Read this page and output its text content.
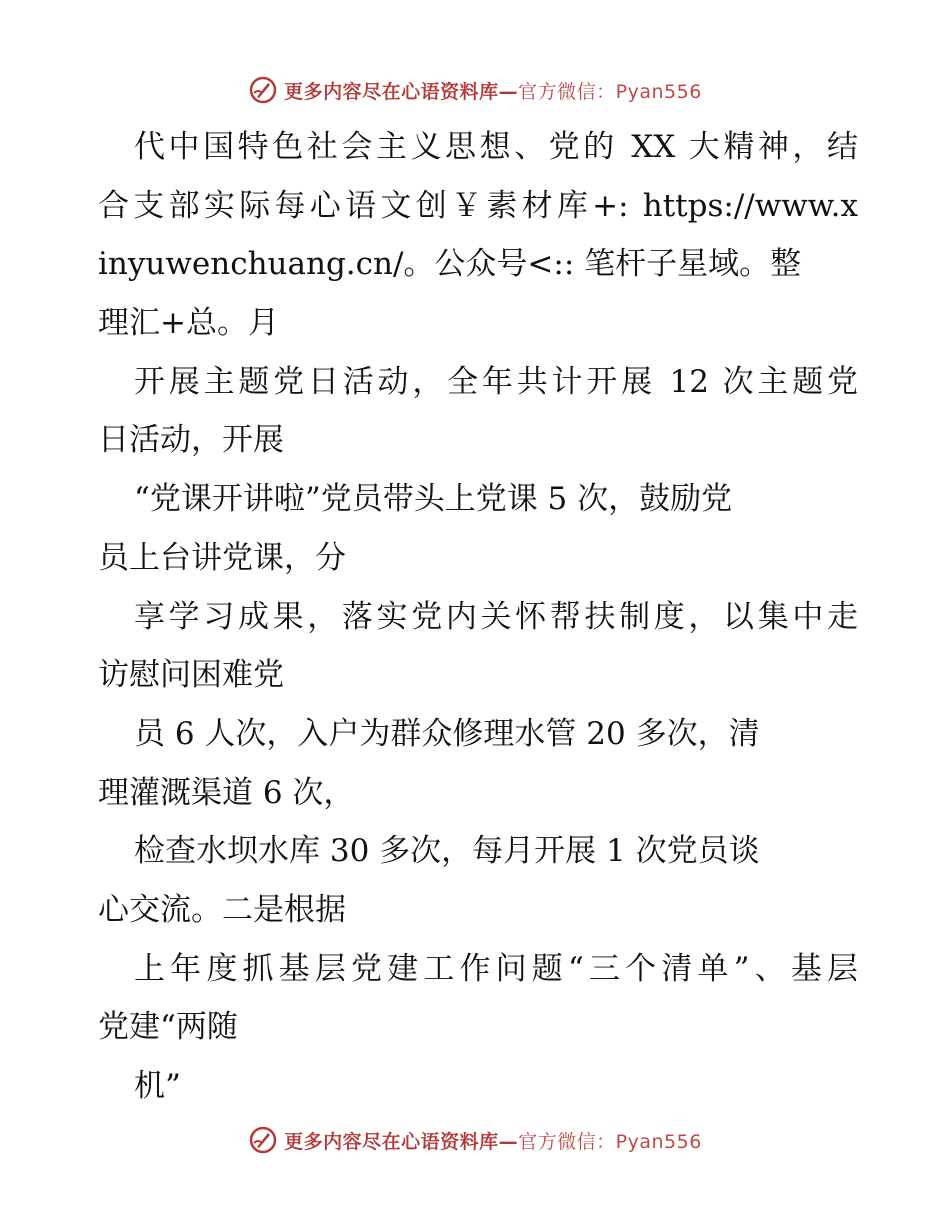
更多内容尽在心语资料库—官方微信：Pyan556
代中国特色社会主义思想、党的 XX 大精神，结
合支部实际每心语文创￥素材库+: https://www.x
inyuwenchuang.cn/。公众号<:: 笔杆子星域。整
理汇+总。月
开展主题党日活动，全年共计开展 12 次主题党
日活动，开展
“党课开讲啦”党员带头上党课 5 次，鼓励党
员上台讲党课，分
享学习成果，落实党内关怀帮扶制度，以集中走
访慰问困难党
员 6 人次，入户为群众修理水管 20 多次，清
理灌溉渠道 6 次，
检查水坝水库 30 多次，每月开展 1 次党员谈
心交流。二是根据
上年度抓基层党建工作问题“三个清单”、基层
党建“两随
机”
更多内容尽在心语资料库—官方微信：Pyan556
